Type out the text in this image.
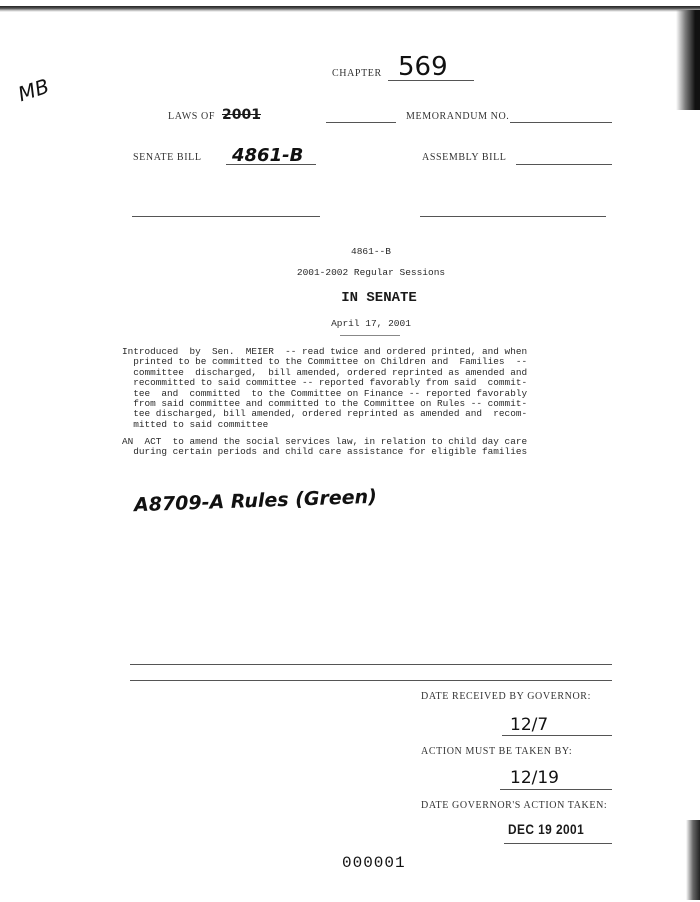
MB
CHAPTER 569
LAWS OF 2001	MEMORANDUM NO.
SENATE BILL 4861-B	ASSEMBLY BILL
4861--B
2001-2002 Regular Sessions
IN SENATE
April 17, 2001
Introduced  by  Sen.  MEIER  -- read twice and ordered printed, and when
printed to be committed to the Committee on Children and  Families  --
committee  discharged,  bill amended, ordered reprinted as amended and
recommitted to said committee -- reported favorably from said  commit-
tee  and  committed  to the Committee on Finance -- reported favorably
from said committee and committed to the Committee on Rules -- commit-
tee discharged, bill amended, ordered reprinted as amended and  recom-
mitted to said committee
AN  ACT  to amend the social services law, in relation to child day care
during certain periods and child care assistance for eligible families
A8709-A Rules (Green)
DATE RECEIVED BY GOVERNOR:
12/7
ACTION MUST BE TAKEN BY:
12/19
DATE GOVERNOR'S ACTION TAKEN:
DEC 19 2001
000001
